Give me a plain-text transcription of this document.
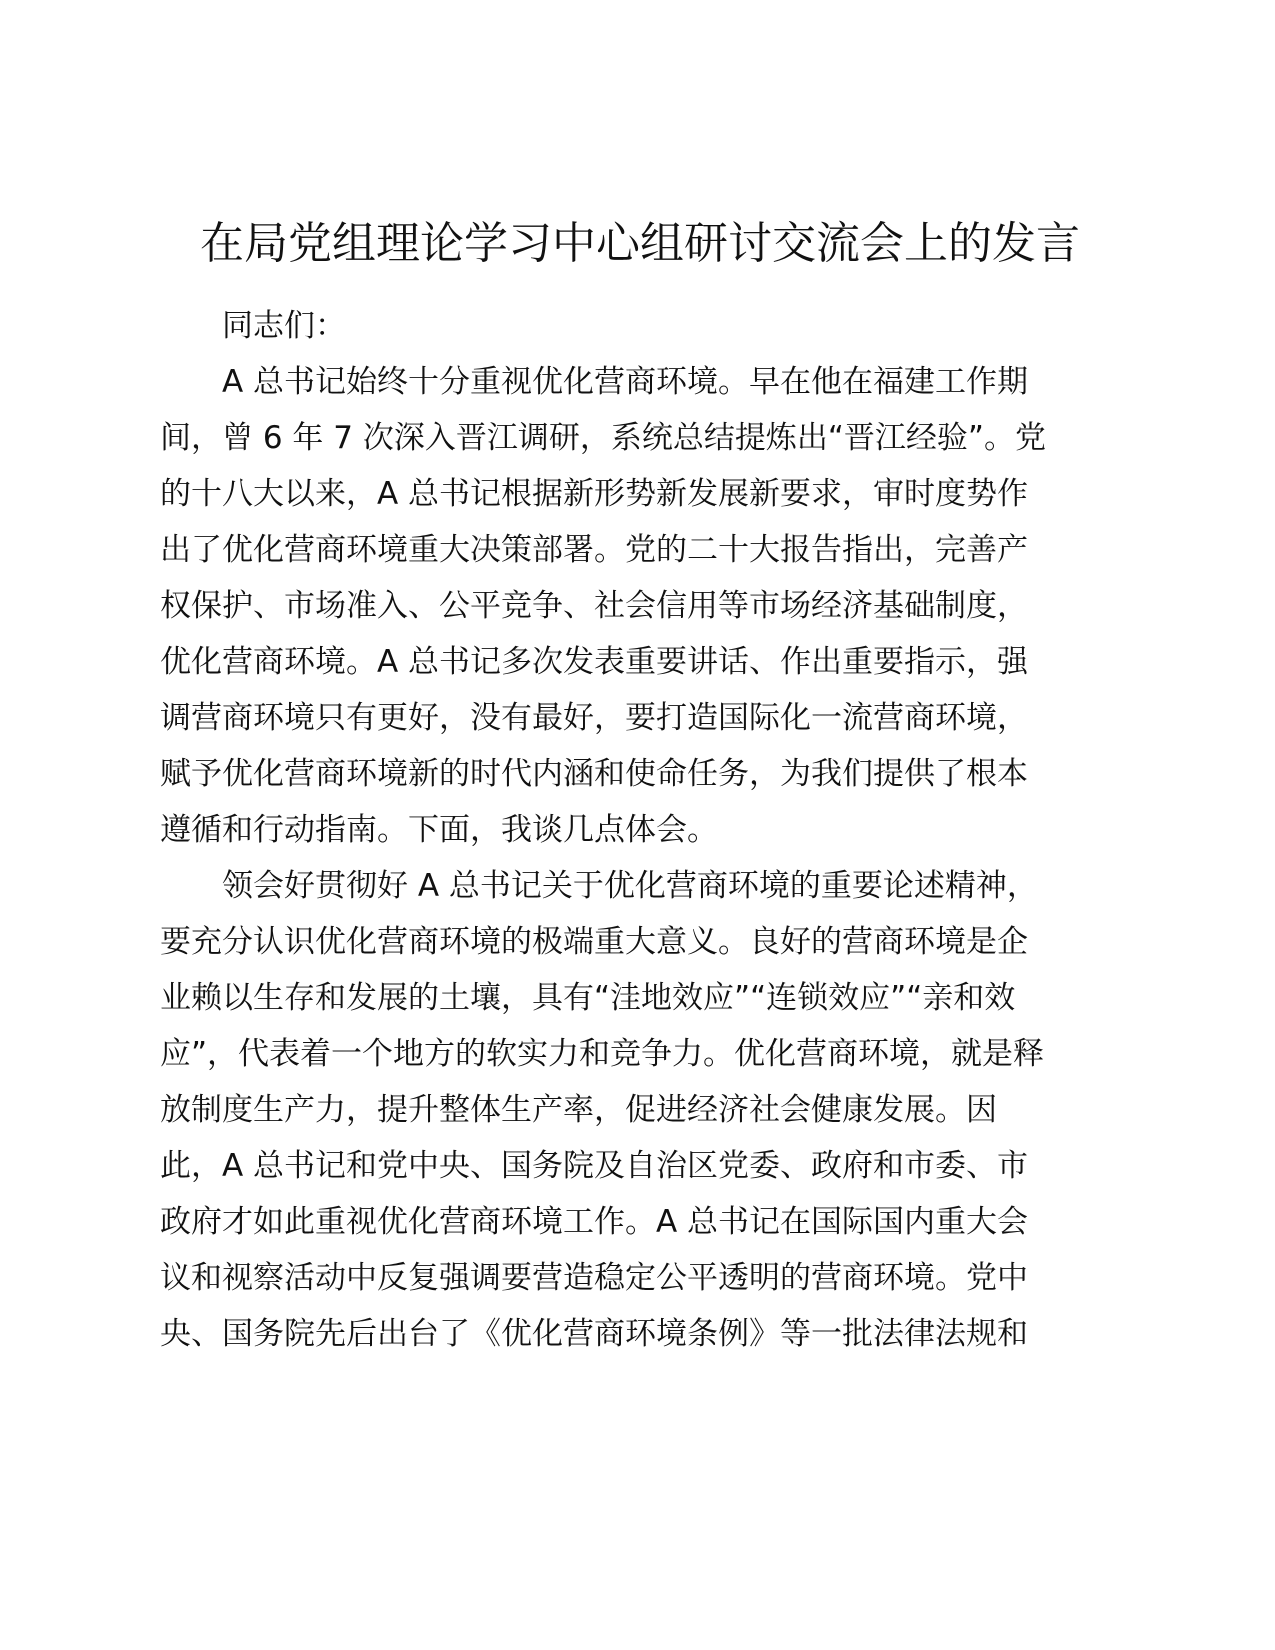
在局党组理论学习中心组研讨交流会上的发言
同志们：
A 总书记始终十分重视优化营商环境。早在他在福建工作期
间，曾 6 年 7 次深入晋江调研，系统总结提炼出“晋江经验”。党
的十八大以来，A 总书记根据新形势新发展新要求，审时度势作
出了优化营商环境重大决策部署。党的二十大报告指出，完善产
权保护、市场准入、公平竞争、社会信用等市场经济基础制度，
优化营商环境。A 总书记多次发表重要讲话、作出重要指示，强
调营商环境只有更好，没有最好，要打造国际化一流营商环境，
赋予优化营商环境新的时代内涵和使命任务，为我们提供了根本
遵循和行动指南。下面，我谈几点体会。
领会好贯彻好 A 总书记关于优化营商环境的重要论述精神，
要充分认识优化营商环境的极端重大意义。良好的营商环境是企
业赖以生存和发展的土壤，具有“洼地效应”“连锁效应”“亲和效
应”，代表着一个地方的软实力和竞争力。优化营商环境，就是释
放制度生产力，提升整体生产率，促进经济社会健康发展。因
此，A 总书记和党中央、国务院及自治区党委、政府和市委、市
政府才如此重视优化营商环境工作。A 总书记在国际国内重大会
议和视察活动中反复强调要营造稳定公平透明的营商环境。党中
央、国务院先后出台了《优化营商环境条例》等一批法律法规和
